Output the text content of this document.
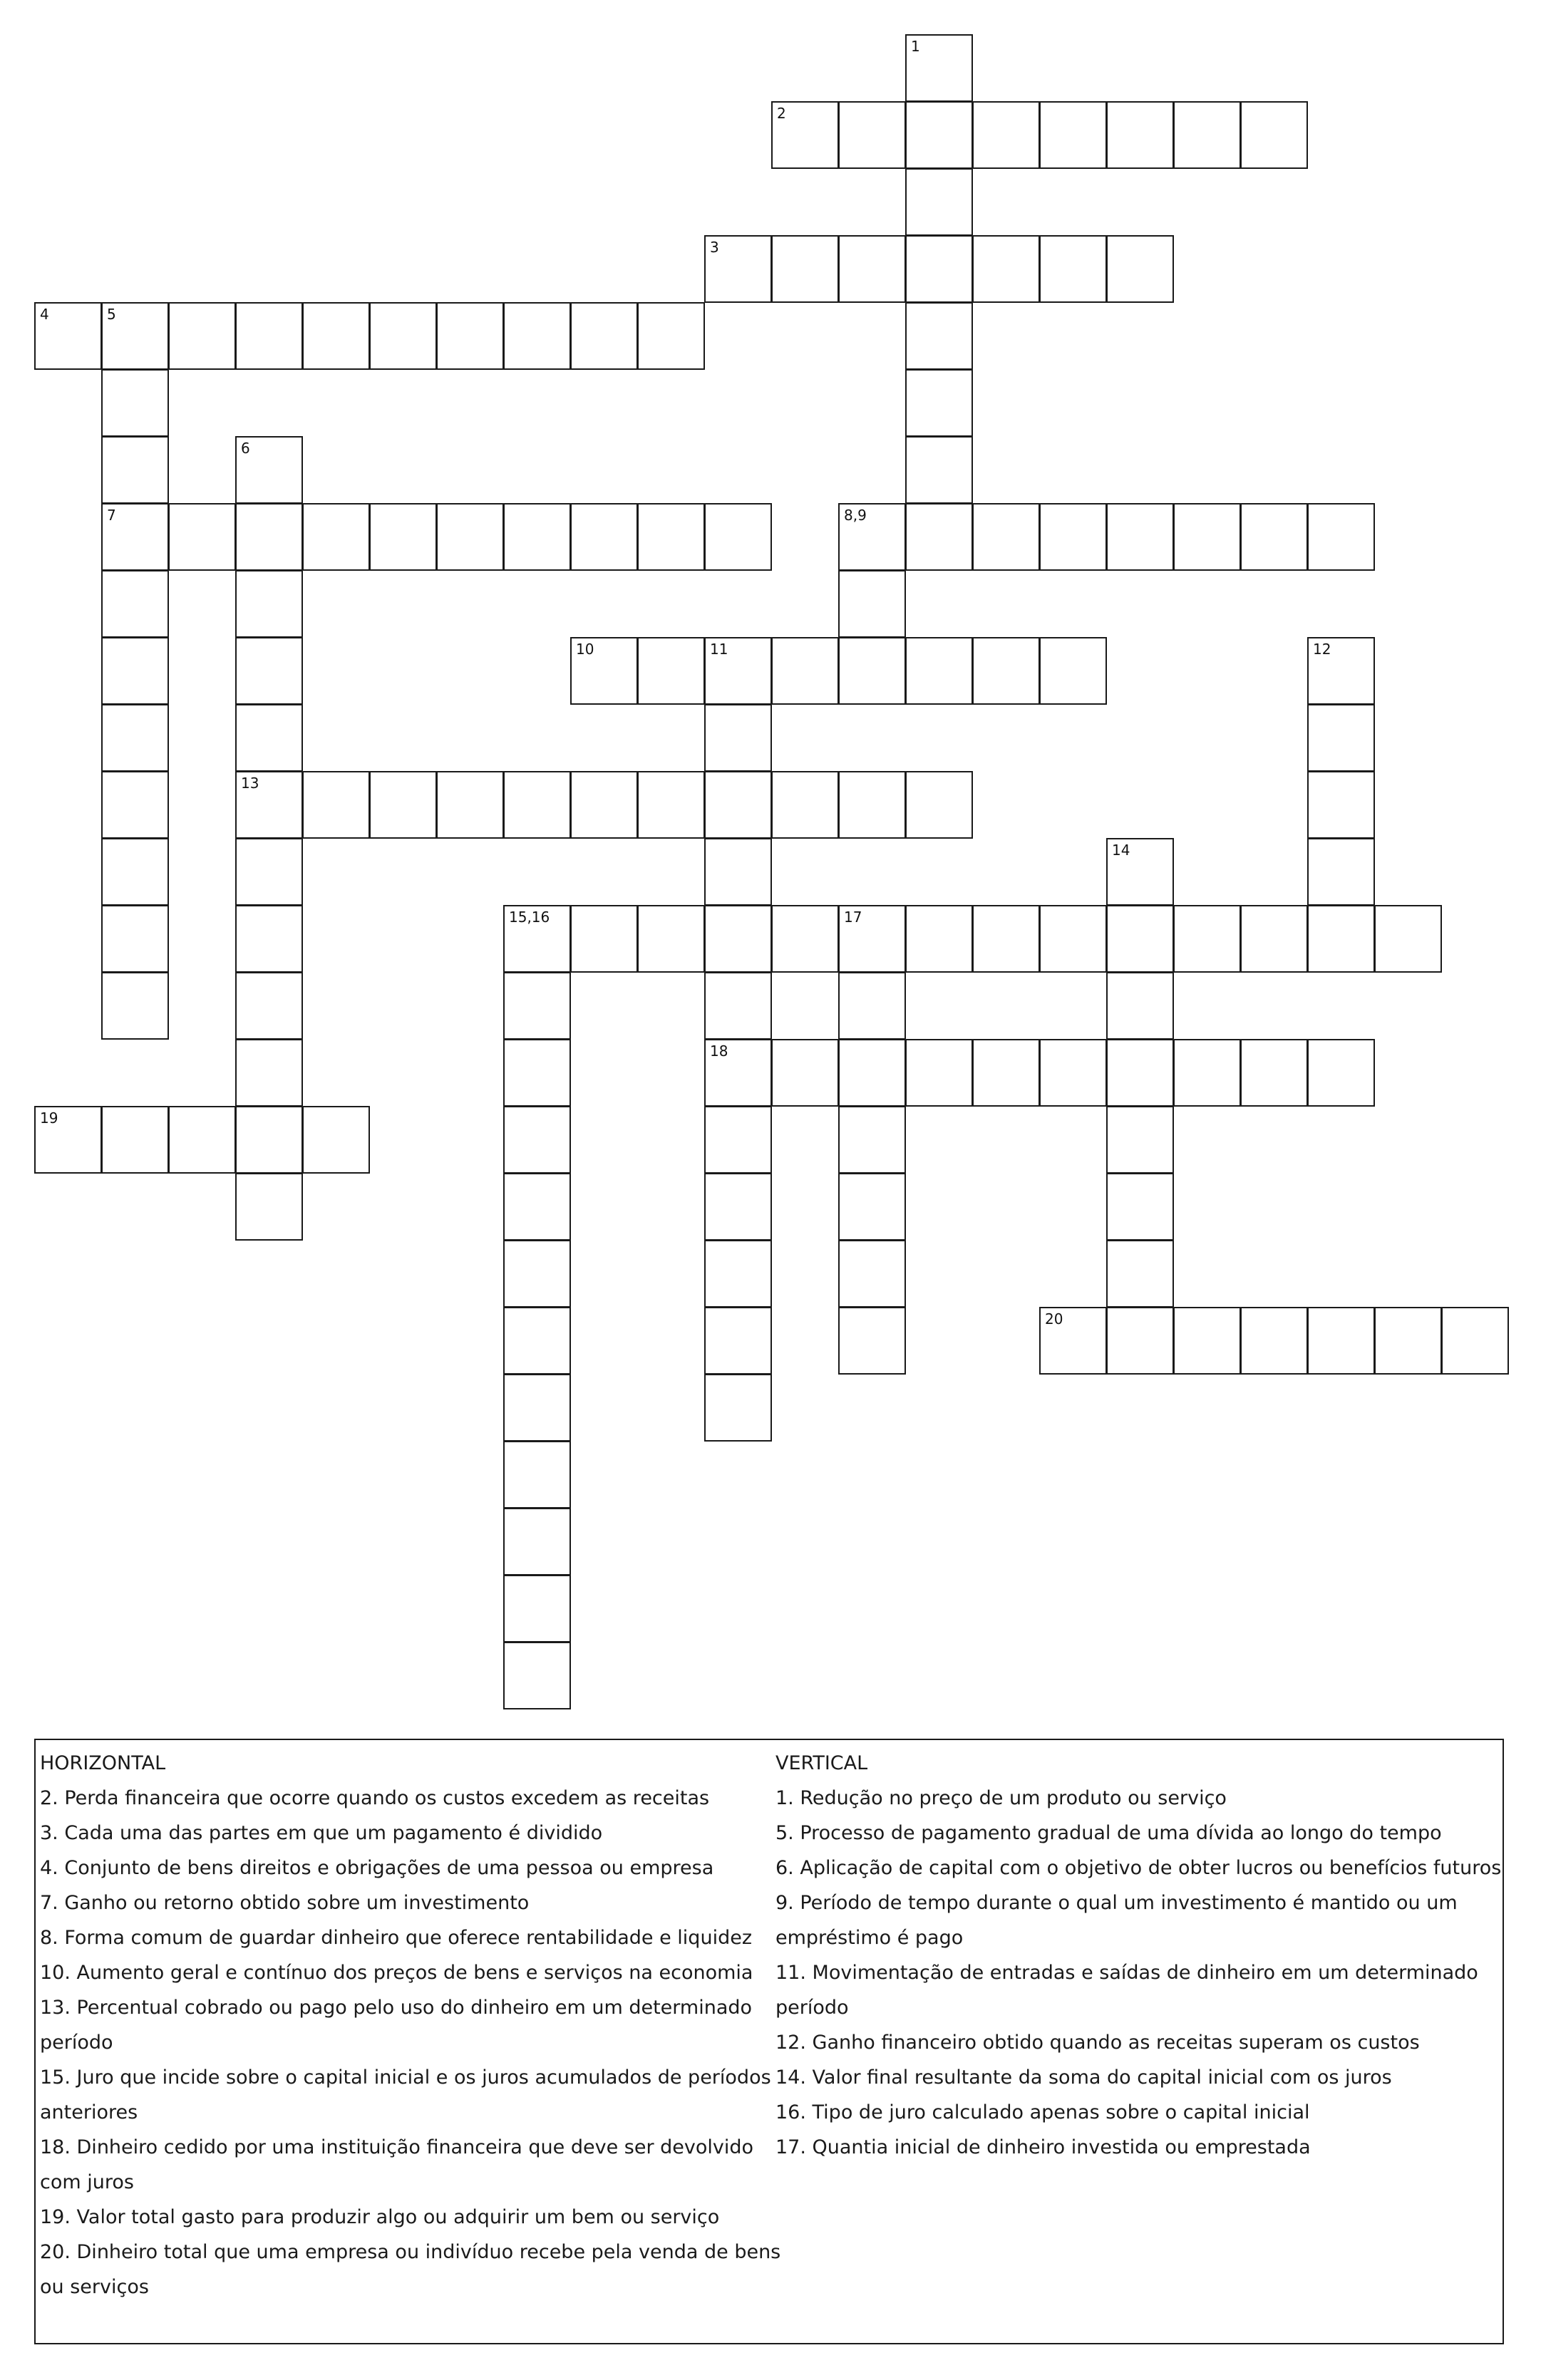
2
3
4	5
7	8,9
10	11
13
15,16	17
18
19
20
1
6
12
14

HORIZONTAL

2. Perda financeira que ocorre quando os custos excedem as receitas

3. Cada uma das partes em que um pagamento é dividido

4. Conjunto de bens direitos e obrigações de uma pessoa ou empresa

7. Ganho ou retorno obtido sobre um investimento

8. Forma comum de guardar dinheiro que oferece rentabilidade e liquidez

10. Aumento geral e contínuo dos preços de bens e serviços na economia

13. Percentual cobrado ou pago pelo uso do dinheiro em um determinado período

15. Juro que incide sobre o capital inicial e os juros acumulados de períodos anteriores

18. Dinheiro cedido por uma instituição financeira que deve ser devolvido com juros

19. Valor total gasto para produzir algo ou adquirir um bem ou serviço

20. Dinheiro total que uma empresa ou indivíduo recebe pela venda de bens ou serviços

VERTICAL

1. Redução no preço de um produto ou serviço

5. Processo de pagamento gradual de uma dívida ao longo do tempo

6. Aplicação de capital com o objetivo de obter lucros ou benefícios futuros

9. Período de tempo durante o qual um investimento é mantido ou um empréstimo é pago

11. Movimentação de entradas e saídas de dinheiro em um determinado período

12. Ganho financeiro obtido quando as receitas superam os custos

14. Valor final resultante da soma do capital inicial com os juros

16. Tipo de juro calculado apenas sobre o capital inicial

17. Quantia inicial de dinheiro investida ou emprestada
